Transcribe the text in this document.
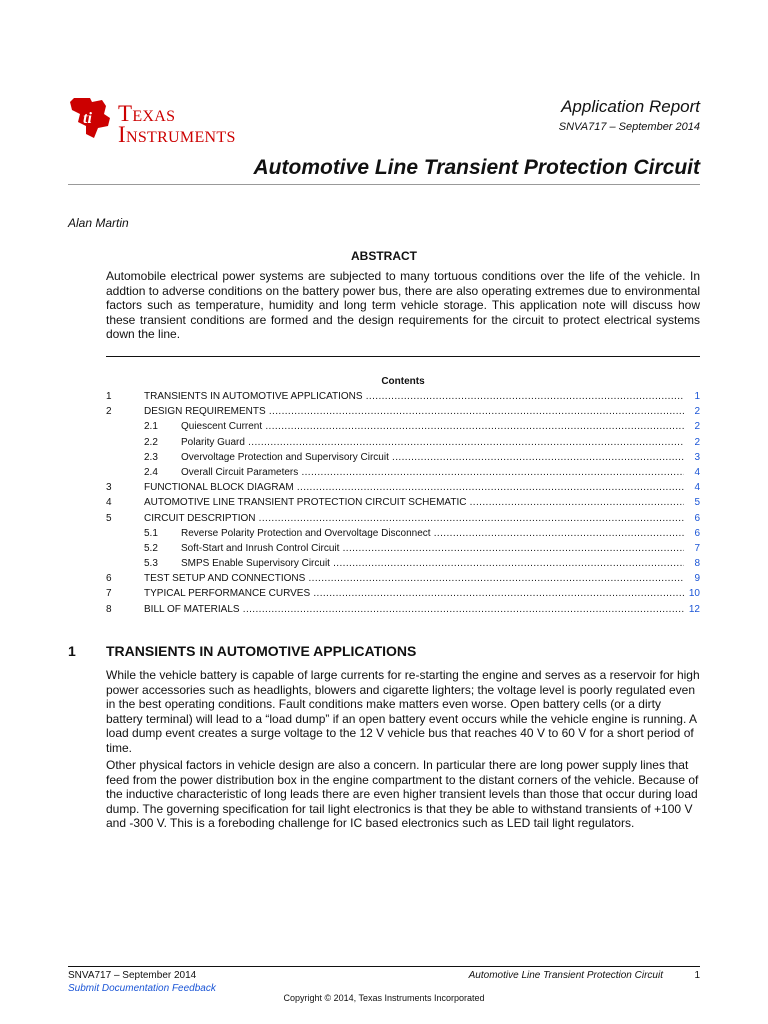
ti Texas
Instruments
Application Report
SNVA717 – September 2014
Automotive Line Transient Protection Circuit
Alan Martin
ABSTRACT
Automobile electrical power systems are subjected to many tortuous conditions over the life of the vehicle. In addtion to adverse conditions on the battery power bus, there are also operating extremes due to environmental factors such as temperature, humidity and long term vehicle storage. This application note will discuss how these transient conditions are formed and the design requirements for the circuit to protect electrical systems down the line.
Contents
1	TRANSIENTS IN AUTOMOTIVE APPLICATIONS .....	1
2	DESIGN REQUIREMENTS .....	2
2.1 Quiescent Current .....	2
2.2 Polarity Guard .....	2
2.3 Overvoltage Protection and Supervisory Circuit .....	3
2.4 Overall Circuit Parameters .....	4
3	FUNCTIONAL BLOCK DIAGRAM .....	4
4	AUTOMOTIVE LINE TRANSIENT PROTECTION CIRCUIT SCHEMATIC .....	5
5	CIRCUIT DESCRIPTION .....	6
5.1 Reverse Polarity Protection and Overvoltage Disconnect .....	6
5.2 Soft-Start and Inrush Control Circuit .....	7
5.3 SMPS Enable Supervisory Circuit .....	8
6	TEST SETUP AND CONNECTIONS .....	9
7	TYPICAL PERFORMANCE CURVES .....	10
8	BILL OF MATERIALS .....	12
1 TRANSIENTS IN AUTOMOTIVE APPLICATIONS
While the vehicle battery is capable of large currents for re-starting the engine and serves as a reservoir for high power accessories such as headlights, blowers and cigarette lighters; the voltage level is poorly regulated even in the best operating conditions. Fault conditions make matters even worse. Open battery cells (or a dirty battery terminal) will lead to a “load dump” if an open battery event occurs while the vehicle engine is running. A load dump event creates a surge voltage to the 12 V vehicle bus that reaches 40 V to 60 V for a short period of time.
Other physical factors in vehicle design are also a concern. In particular there are long power supply lines that feed from the power distribution box in the engine compartment to the distant corners of the vehicle. Because of the inductive characteristic of long leads there are even higher transient levels than those that occur during load dump. The governing specification for tail light electronics is that they be able to withstand transients of +100 V and -300 V. This is a foreboding challenge for IC based electronics such as LED tail light regulators.
SNVA717 – September 2014	Automotive Line Transient Protection Circuit	1
Submit Documentation Feedback
Copyright © 2014, Texas Instruments Incorporated
